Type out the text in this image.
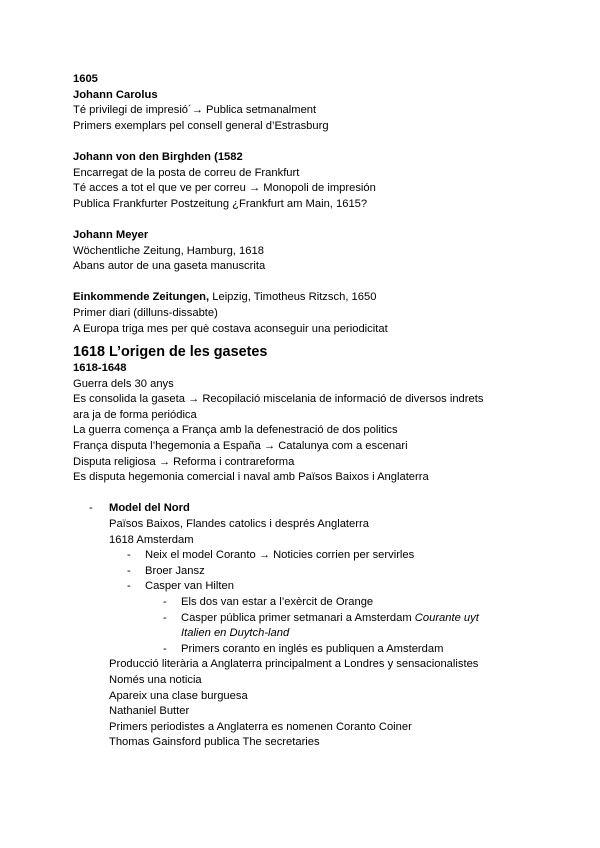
1605
Johann Carolus
Té privilegi de impresió´→ Publica setmanalment
Primers exemplars pel consell general d’Estrasburg
Johann von den Birghden (1582
Encarregat de la posta de correu de Frankfurt
Té acces a tot el que ve per correu → Monopoli de impresión
Publica Frankfurter Postzeitung ¿Frankfurt am Main, 1615?
Johann Meyer
Wöchentliche Zeitung, Hamburg, 1618
Abans autor de una gaseta manuscrita
Einkommende Zeitungen, Leipzig, Timotheus Ritzsch, 1650
Primer diari (dilluns-dissabte)
A Europa triga mes per què costava aconseguir una periodicitat
1618 L’origen de les gasetes
1618-1648
Guerra dels 30 anys
Es consolida la gaseta → Recopilació miscelania de informació de diversos indrets
ara ja de forma periódica
La guerra comença a França amb la defenestració de dos politics
França disputa l’hegemonia a España → Catalunya com a escenari
Disputa religiosa → Reforma i contrareforma
Es disputa hegemonia comercial i naval amb Països Baixos i Anglaterra
- Model del Nord
Països Baixos, Flandes catolics i després Anglaterra
1618 Amsterdam
- Neix el model Coranto → Noticies corrien per servirles
- Broer Jansz
- Casper van Hilten
- Els dos van estar a l’exèrcit de Orange
- Casper pública primer setmanari a Amsterdam Courante uyt
Italien en Duytch-land
- Primers coranto en inglés es publiquen a Amsterdam
Producció literària a Anglaterra principalment a Londres y sensacionalistes
Només una noticia
Apareix una clase burguesa
Nathaniel Butter
Primers periodistes a Anglaterra es nomenen Coranto Coiner
Thomas Gainsford publica The secretaries
